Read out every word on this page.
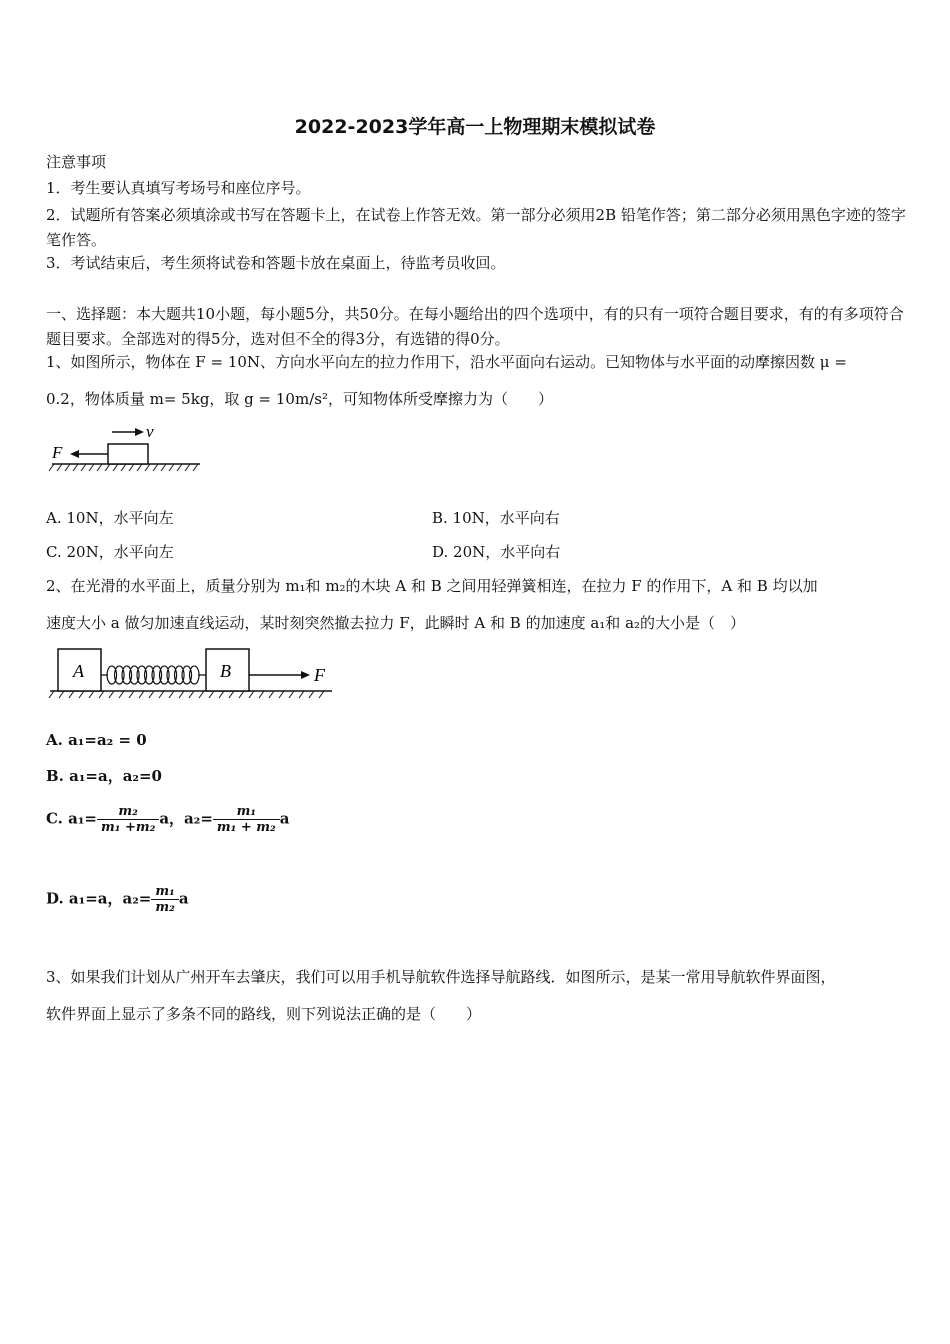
2022-2023学年高一上物理期末模拟试卷
注意事项
1．考生要认真填写考场号和座位序号。
2．试题所有答案必须填涂或书写在答题卡上，在试卷上作答无效。第一部分必须用2B 铅笔作答；第二部分必须用黑色字迹的签字笔作答。
3．考试结束后，考生须将试卷和答题卡放在桌面上，待监考员收回。
一、选择题：本大题共10小题，每小题5分，共50分。在每小题给出的四个选项中，有的只有一项符合题目要求，有的有多项符合题目要求。全部选对的得5分，选对但不全的得3分，有选错的得0分。
1、如图所示，物体在 F = 10N、方向水平向左的拉力作用下，沿水平面向右运动。已知物体与水平面的动摩擦因数 μ =
0.2，物体质量 m= 5kg，取 g = 10m/s²，可知物体所受摩擦力为（　　）
F
v
A. 10N，水平向左	B. 10N，水平向右
C. 20N，水平向左	D. 20N，水平向右
2、在光滑的水平面上，质量分别为 m₁和 m₂的木块 A 和 B 之间用轻弹簧相连，在拉力 F 的作用下，A 和 B 均以加
速度大小 a 做匀加速直线运动，某时刻突然撤去拉力 F，此瞬时 A 和 B 的加速度 a₁和 a₂的大小是（　）
A	B	F
A. a₁=a₂ = 0
B. a₁=a，a₂=0
C. $a_1= \frac{\text{m₂}}{\text{m₁ +m₂}}$ a，$a_2= \frac{\text{m₁}}{\text{m₁ + m₂}}$ a
D. a₁=a，$a_2= \frac{\text{m₁}}{\text{m₂}}$ a
3、如果我们计划从广州开车去肇庆，我们可以用手机导航软件选择导航路线．如图所示，是某一常用导航软件界面图，
软件界面上显示了多条不同的路线，则下列说法正确的是（　　）
